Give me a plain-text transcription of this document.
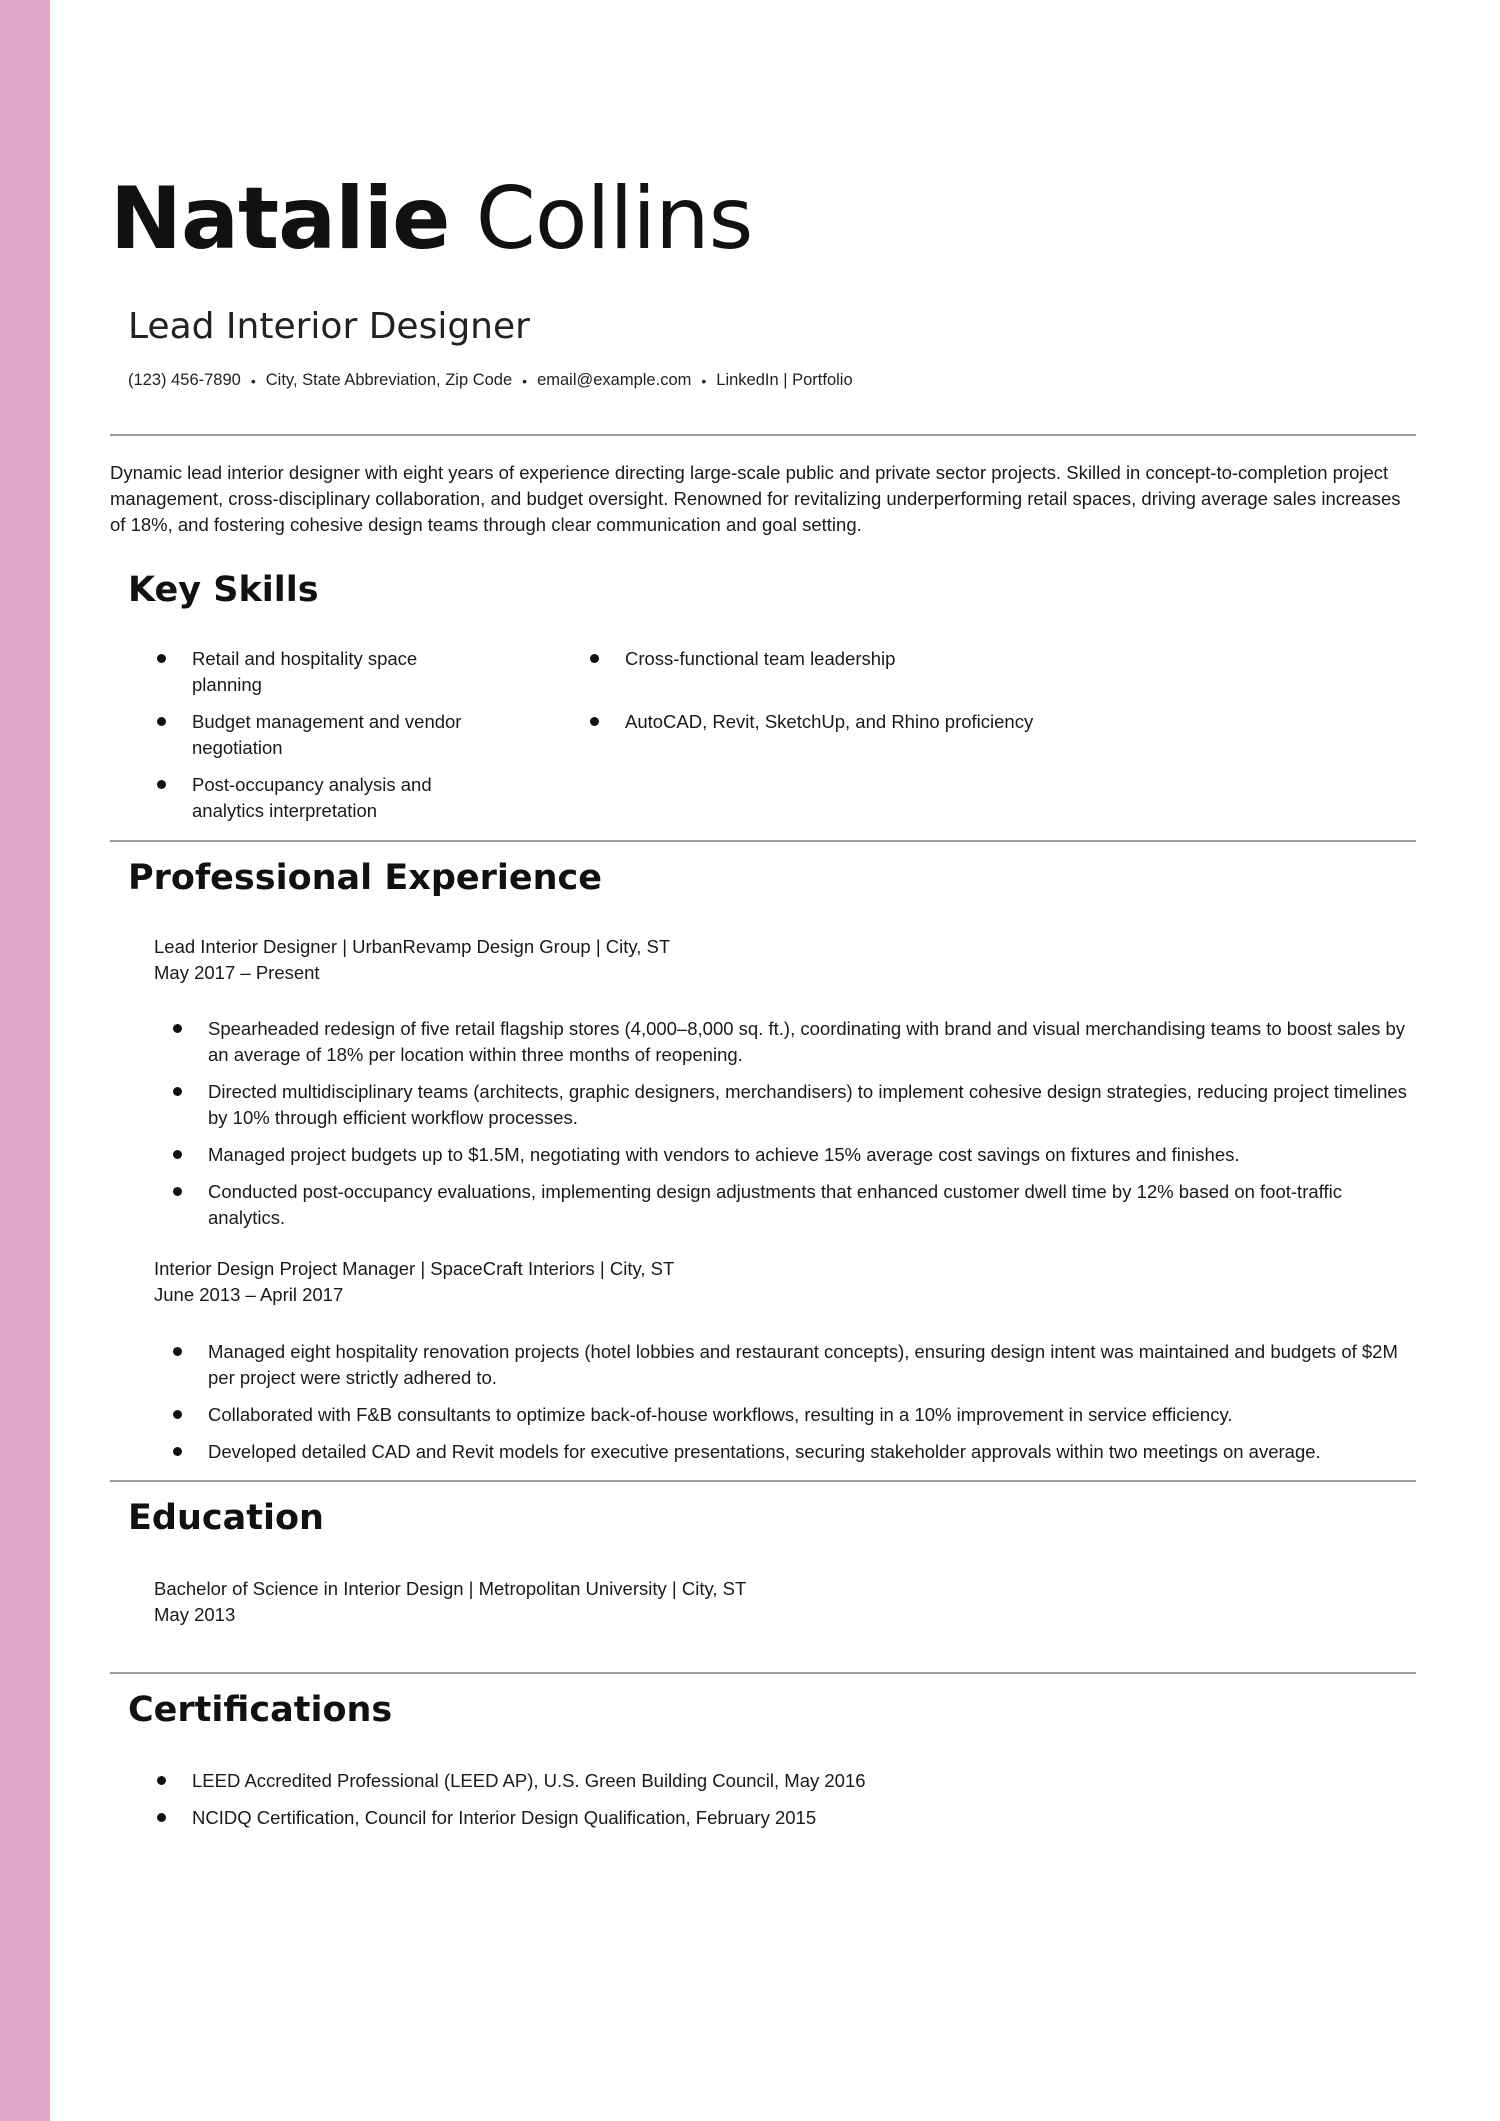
Natalie Collins
Lead Interior Designer
(123) 456-7890 • City, State Abbreviation, Zip Code • email@example.com • LinkedIn | Portfolio

Dynamic lead interior designer with eight years of experience directing large-scale public and private sector projects. Skilled in concept-to-completion project management, cross-disciplinary collaboration, and budget oversight. Renowned for revitalizing underperforming retail spaces, driving average sales increases of 18%, and fostering cohesive design teams through clear communication and goal setting.

Key Skills
Retail and hospitality space planning
Budget management and vendor negotiation
Post-occupancy analysis and analytics interpretation
Cross-functional team leadership
AutoCAD, Revit, SketchUp, and Rhino proficiency
Professional Experience
Lead Interior Designer | UrbanRevamp Design Group | City, ST
May 2017 – Present
Spearheaded redesign of five retail flagship stores (4,000–8,000 sq. ft.), coordinating with brand and visual merchandising teams to boost sales by an average of 18% per location within three months of reopening.
Directed multidisciplinary teams (architects, graphic designers, merchandisers) to implement cohesive design strategies, reducing project timelines by 10% through efficient workflow processes.
Managed project budgets up to $1.5M, negotiating with vendors to achieve 15% average cost savings on fixtures and finishes.
Conducted post-occupancy evaluations, implementing design adjustments that enhanced customer dwell time by 12% based on foot-traffic analytics.
Interior Design Project Manager | SpaceCraft Interiors | City, ST
June 2013 – April 2017
Managed eight hospitality renovation projects (hotel lobbies and restaurant concepts), ensuring design intent was maintained and budgets of $2M per project were strictly adhered to.
Collaborated with F&B consultants to optimize back-of-house workflows, resulting in a 10% improvement in service efficiency.
Developed detailed CAD and Revit models for executive presentations, securing stakeholder approvals within two meetings on average.
Education
Bachelor of Science in Interior Design | Metropolitan University | City, ST
May 2013
Certifications
LEED Accredited Professional (LEED AP), U.S. Green Building Council, May 2016
NCIDQ Certification, Council for Interior Design Qualification, February 2015
